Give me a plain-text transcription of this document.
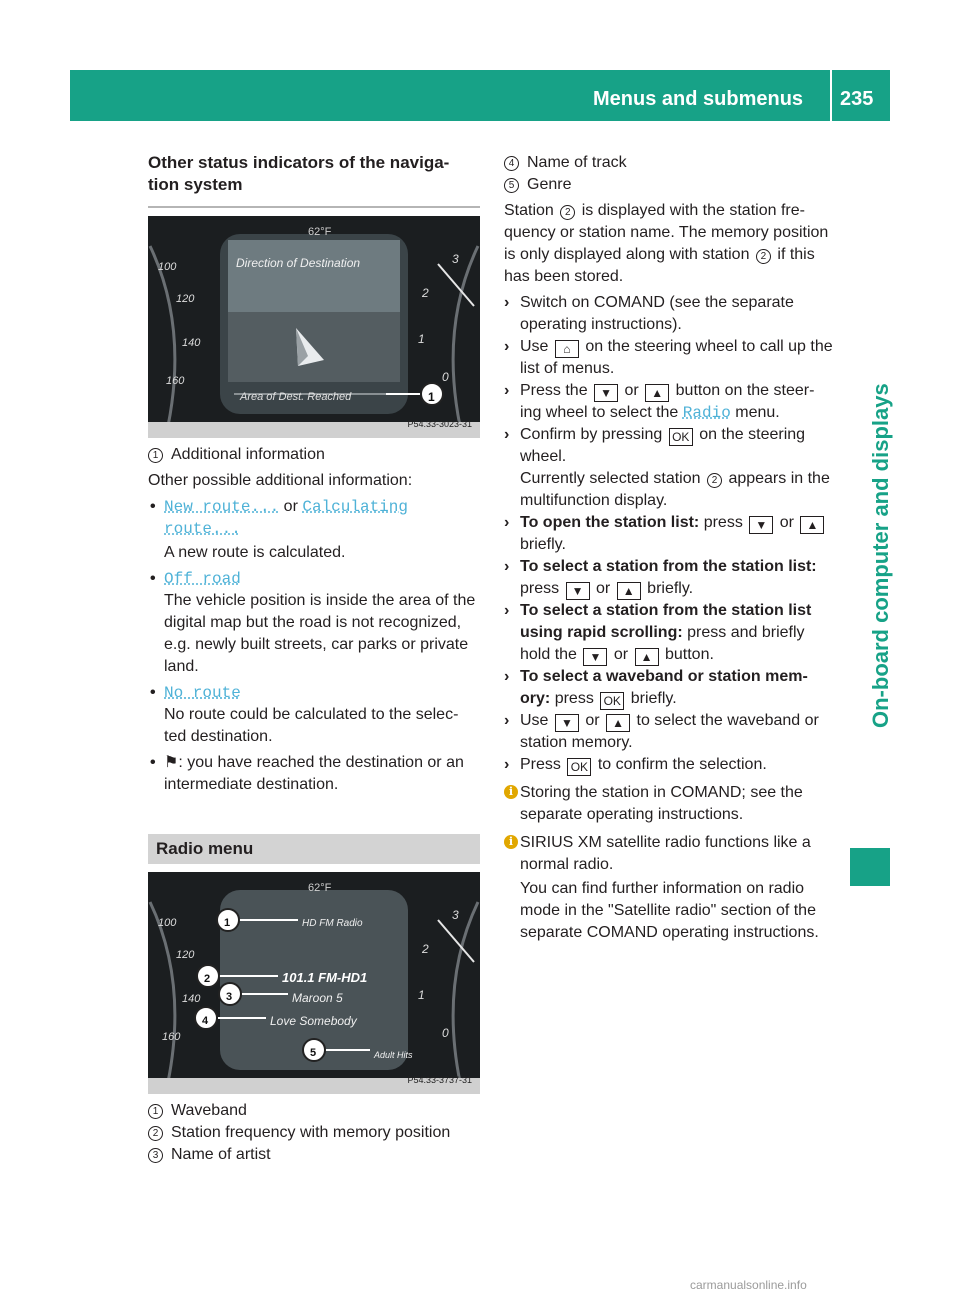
Menus and submenus 235
On-board computer and displays
Other status indicators of the naviga-
tion system
62°F
Direction of Destination
Area of Dest. Reached	1
100
120
140
160
3
2
1
0
P54.33-3023-31
1 Additional information

Other possible additional information:

• New route... or Calculating route...
A new route is calculated.
• Off road
The vehicle position is inside the area of the digital map but the road is not recognized, e.g. newly built streets, car parks or private land.
• No route
No route could be calculated to the selec-
ted destination.
• ⚑: you have reached the destination or an intermediate destination.
Radio menu
62°F
HD FM Radio
101.1 FM-HD1
Maroon 5
Love Somebody
Adult Hits
1
2
3
4
5
100
120
140
160
3
2
1
0
P54.33-3737-31
1 Waveband
2 Station frequency with memory position
3 Name of artist
4 Name of track
5 Genre

Station 2 is displayed with the station fre-quency or station name. The memory position is only displayed along with station 2 if this has been stored.

› Switch on COMAND (see the separate operating instructions).
› Use ⌂ on the steering wheel to call up the list of menus.
› Press the ▼ or ▲ button on the steer-ing wheel to select the Radio menu.
› Confirm by pressing OK on the steering wheel.
Currently selected station 2 appears in the multifunction display.
› To open the station list: press ▼ or ▲ briefly.
› To select a station from the station list: press ▼ or ▲ briefly.
› To select a station from the station list using rapid scrolling: press and briefly hold the ▼ or ▲ button.
› To select a waveband or station mem-ory: press OK briefly.
› Use ▼ or ▲ to select the waveband or station memory.
› Press OK to confirm the selection.
i Storing the station in COMAND; see the separate operating instructions.
i SIRIUS XM satellite radio functions like a normal radio.
You can find further information on radio mode in the "Satellite radio" section of the separate COMAND operating instructions.
carmanualsonline.info
